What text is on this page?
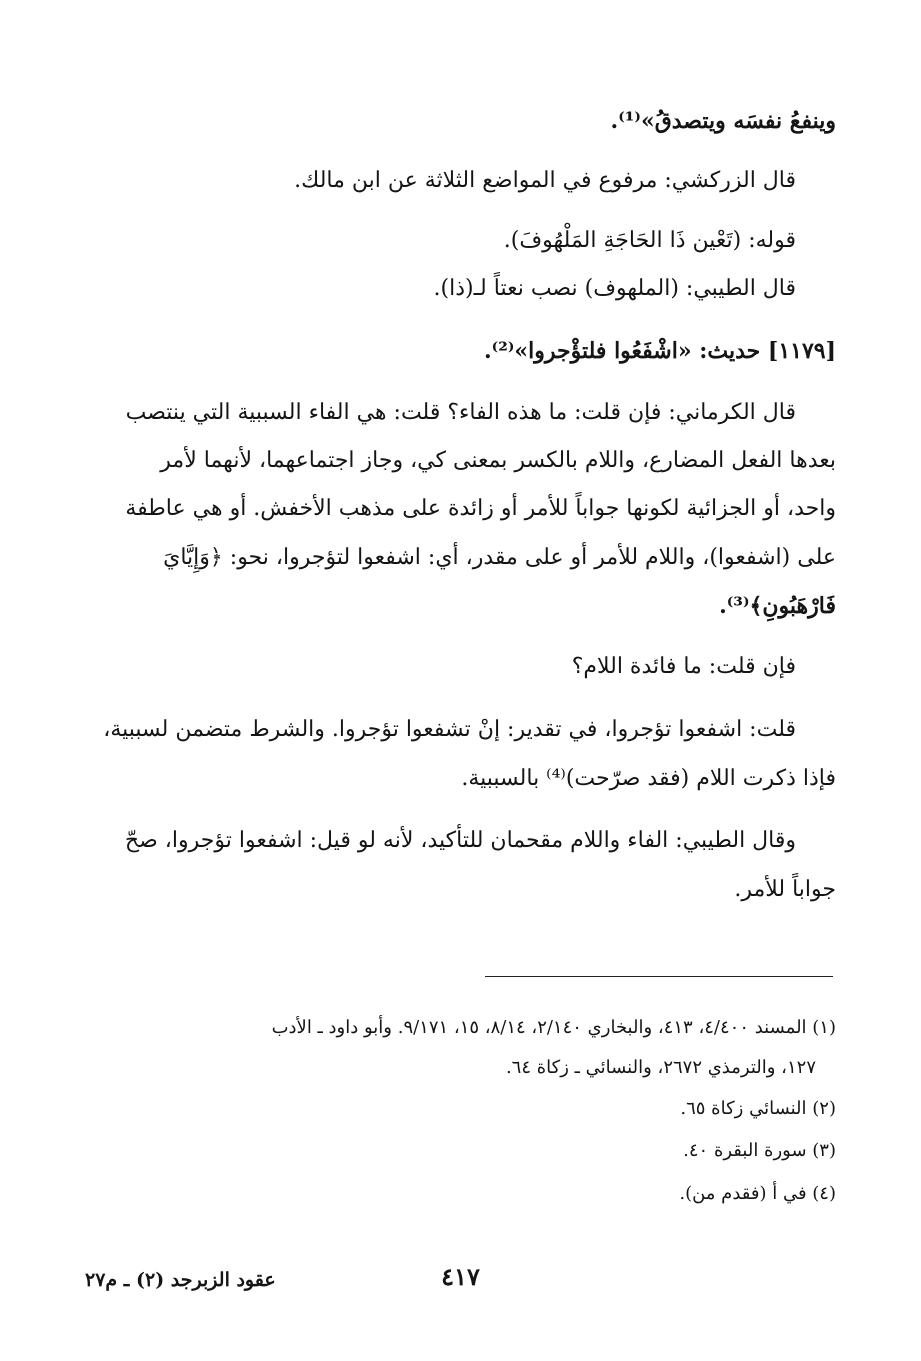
وينفعُ نفسَه ويتصدقُ»⁽¹⁾.
قال الزركشي: مرفوع في المواضع الثلاثة عن ابن مالك.
قوله: (تَعْين ذَا الحَاجَةِ المَلْهُوفَ).
قال الطيبي: (الملهوف) نصب نعتاً لـ(ذا).
[١١٧٩] حديث: «اشْفَعُوا فلتؤْجروا»⁽²⁾.
قال الكرماني: فإن قلت: ما هذه الفاء؟ قلت: هي الفاء السببية التي ينتصب
بعدها الفعل المضارع، واللام بالكسر بمعنى كي، وجاز اجتماعهما، لأنهما لأمر
واحد، أو الجزائية لكونها جواباً للأمر أو زائدة على مذهب الأخفش. أو هي عاطفة
على (اشفعوا)، واللام للأمر أو على مقدر، أي: اشفعوا لتؤجروا، نحو: ﴿وَإِيَّايَ
فَارْهَبُونِ﴾⁽³⁾.
فإن قلت: ما فائدة اللام؟
قلت: اشفعوا تؤجروا، في تقدير: إنْ تشفعوا تؤجروا. والشرط متضمن لسببية،
فإذا ذكرت اللام (فقد صرّحت)⁽⁴⁾ بالسببية.
وقال الطيبي: الفاء واللام مقحمان للتأكيد، لأنه لو قيل: اشفعوا تؤجروا، صحّ
جواباً للأمر.
(١) المسند ٤/٤٠٠، ٤١٣، والبخاري ٢/١٤٠، ٨/١٤، ١٥، ٩/١٧١. وأبو داود ـ الأدب
١٢٧، والترمذي ٢٦٧٢، والنسائي ـ زكاة ٦٤.
(٢) النسائي زكاة ٦٥.
(٣) سورة البقرة ٤٠.
(٤) في أ (فقدم من).
٤١٧
عقود الزبرجد (٢) ـ م٢٧
